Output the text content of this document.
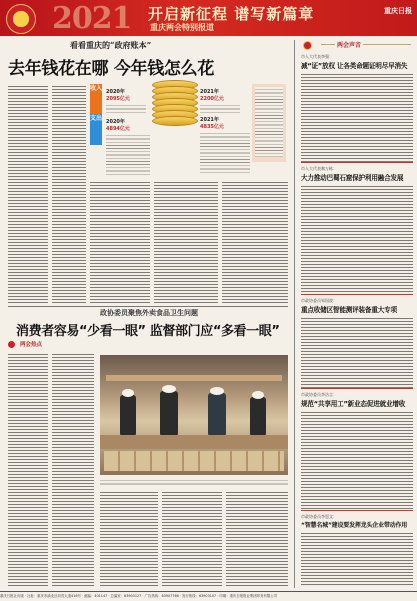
2021 开启新征程 谱写新篇章
重庆两会特别报道
重庆日报
看看重庆的“政府账本”
去年钱花在哪 今年钱怎么花
收入
支出
2020年
2095亿元
2021年
2200亿元
2020年
4894亿元
2021年
4835亿元
政协委员聚焦外卖食品卫生问题
消费者容易“少看一眼” 监督部门应“多看一眼”
两会热点
两会声音
市人大代表李强：
减“证”放权 让各类命题证明尽早消失
市人大代表黎万栋：
大力推动巴蜀石窟保护利用融合发展
市政协委员邹国波：
重点收储区智能测评装备重大专项
市政协委员李洁言：
规范“共享用工”新业态促进就业增收
市政协委员李恩文：
“智慧名城”建设要发挥龙头企业带动作用
重庆日报社出版 · 社址：重庆市渝北区同茂大道416号 · 邮编：401147 · 总编室：63903127 · 广告热线：63907766 · 发行热线：63903107 · 印刷：重庆日报报业集团印务有限公司
